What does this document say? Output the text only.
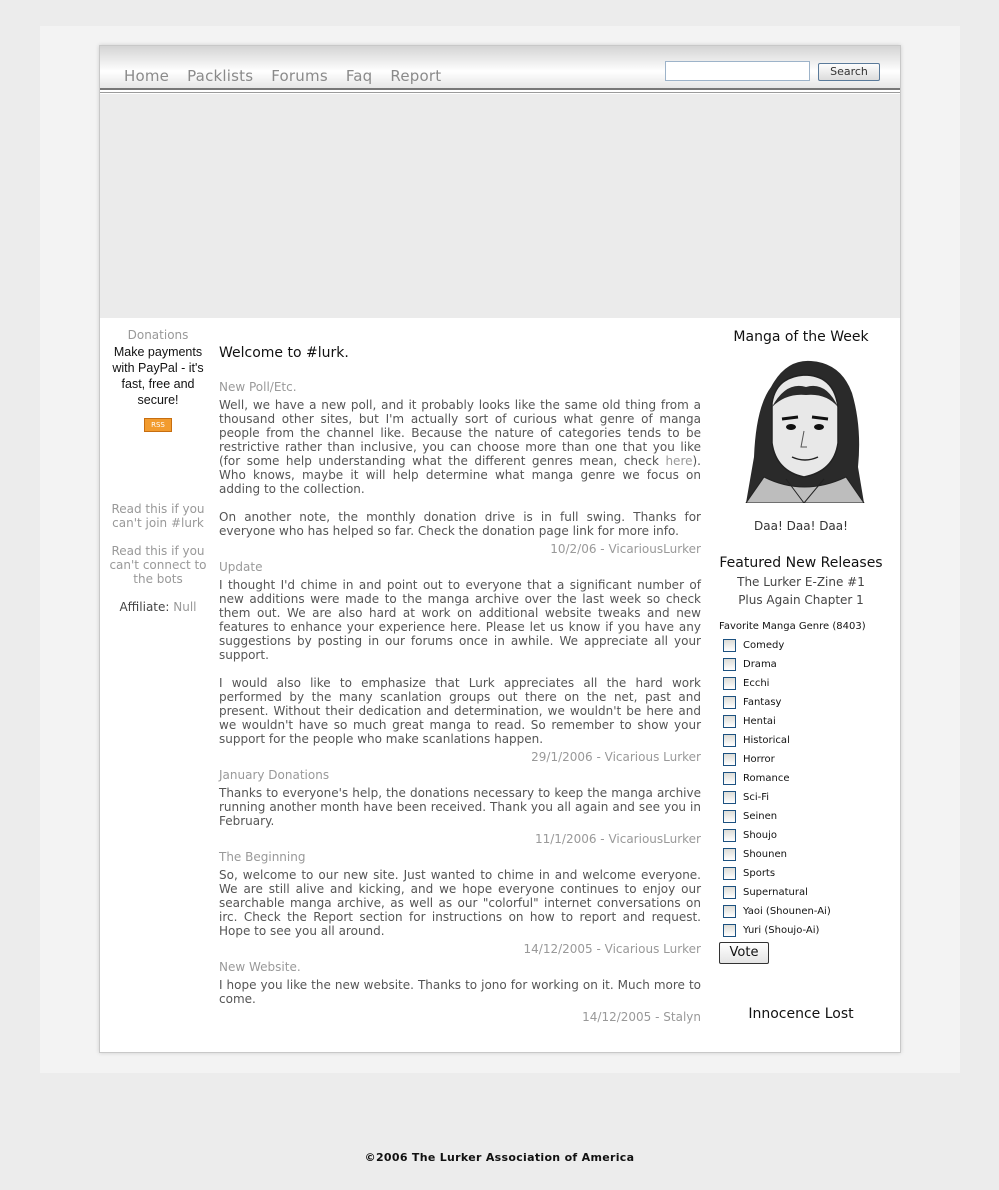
Home Packlists Forums Faq Report	Search
Donations
Make payments with PayPal - it's fast, free and secure!
RSS
Read this if you can't join #lurk
Read this if you can't connect to the bots
Affiliate: Null
Welcome to #lurk.
New Poll/Etc.

Well, we have a new poll, and it probably looks like the same old thing from a thousand other sites, but I'm actually sort of curious what genre of manga people from the channel like. Because the nature of categories tends to be restrictive rather than inclusive, you can choose more than one that you like (for some help understanding what the different genres mean, check here). Who knows, maybe it will help determine what manga genre we focus on adding to the collection.

On another note, the monthly donation drive is in full swing. Thanks for everyone who has helped so far. Check the donation page link for more info.

10/2/06 - VicariousLurker
Update

I thought I'd chime in and point out to everyone that a significant number of new additions were made to the manga archive over the last week so check them out. We are also hard at work on additional website tweaks and new features to enhance your experience here. Please let us know if you have any suggestions by posting in our forums once in awhile. We appreciate all your support.

I would also like to emphasize that Lurk appreciates all the hard work performed by the many scanlation groups out there on the net, past and present. Without their dedication and determination, we wouldn't be here and we wouldn't have so much great manga to read. So remember to show your support for the people who make scanlations happen.

29/1/2006 - Vicarious Lurker
January Donations

Thanks to everyone's help, the donations necessary to keep the manga archive running another month have been received. Thank you all again and see you in February.

11/1/2006 - VicariousLurker
The Beginning

So, welcome to our new site. Just wanted to chime in and welcome everyone. We are still alive and kicking, and we hope everyone continues to enjoy our searchable manga archive, as well as our "colorful" internet conversations on irc. Check the Report section for instructions on how to report and request. Hope to see you all around.

14/12/2005 - Vicarious Lurker
New Website.

I hope you like the new website. Thanks to jono for working on it. Much more to come.

14/12/2005 - Stalyn
Manga of the Week
Daa! Daa! Daa!
Featured New Releases
The Lurker E-Zine #1
Plus Again Chapter 1
Favorite Manga Genre (8403)
Comedy
Drama
Ecchi
Fantasy
Hentai
Historical
Horror
Romance
Sci-Fi
Seinen
Shoujo
Shounen
Sports
Supernatural
Yaoi (Shounen-Ai)
Yuri (Shoujo-Ai)
Vote
Innocence Lost
©2006 The Lurker Association of America
